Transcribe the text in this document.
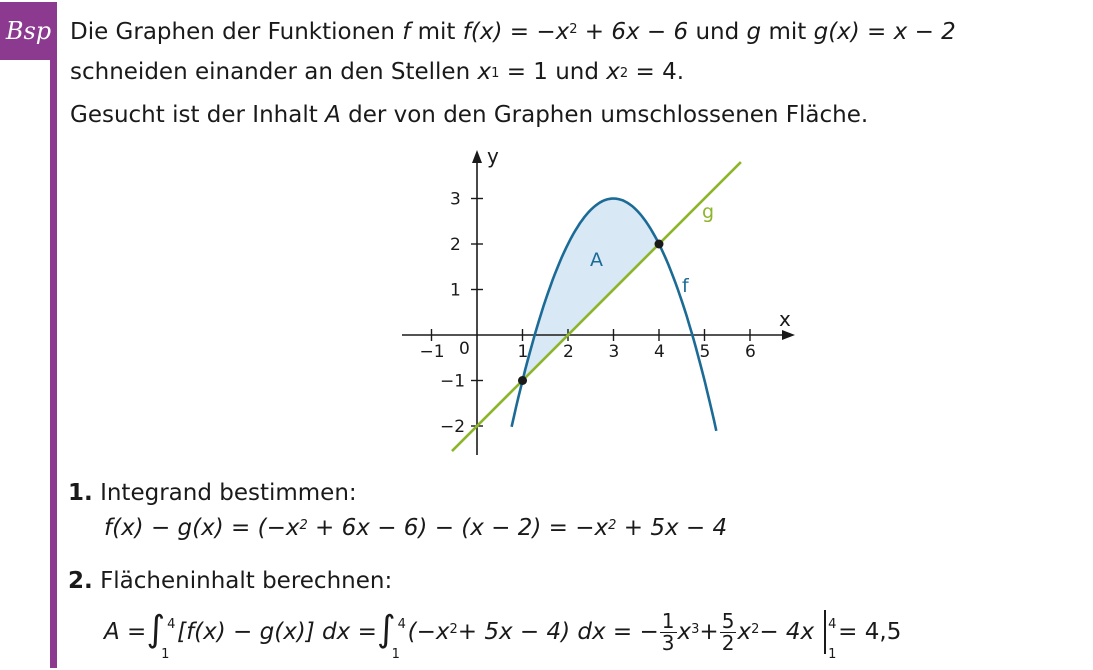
Bsp Die Graphen der Funktionen f mit $f(x) = -x^2 + 6x - 6$ und g mit g(x) = x − 2
schneiden einander an den Stellen $x_1 = 1$ und $x_2 = 4$.
Gesucht ist der Inhalt A der von den Graphen umschlossenen Fläche.
−1	1 2 3 4 5 6
3
2
1
−1
−2
x
y
0
A
f
g
1. Integrand bestimmen:
$f(x) - g(x) = (-x^2 + 6x - 6) - (x - 2) = -x^2 + 5x - 4$
2. Flächeninhalt berechnen:
A = ∫ 4
1
[f(x) − g(x)] dx = ∫ 4
1
$(-x^2 + 5x - 4)$ dx = − $\frac{1}{3} x^3 + \frac{5}{2} x^2 - 4x$ 4
1
= 4,5
